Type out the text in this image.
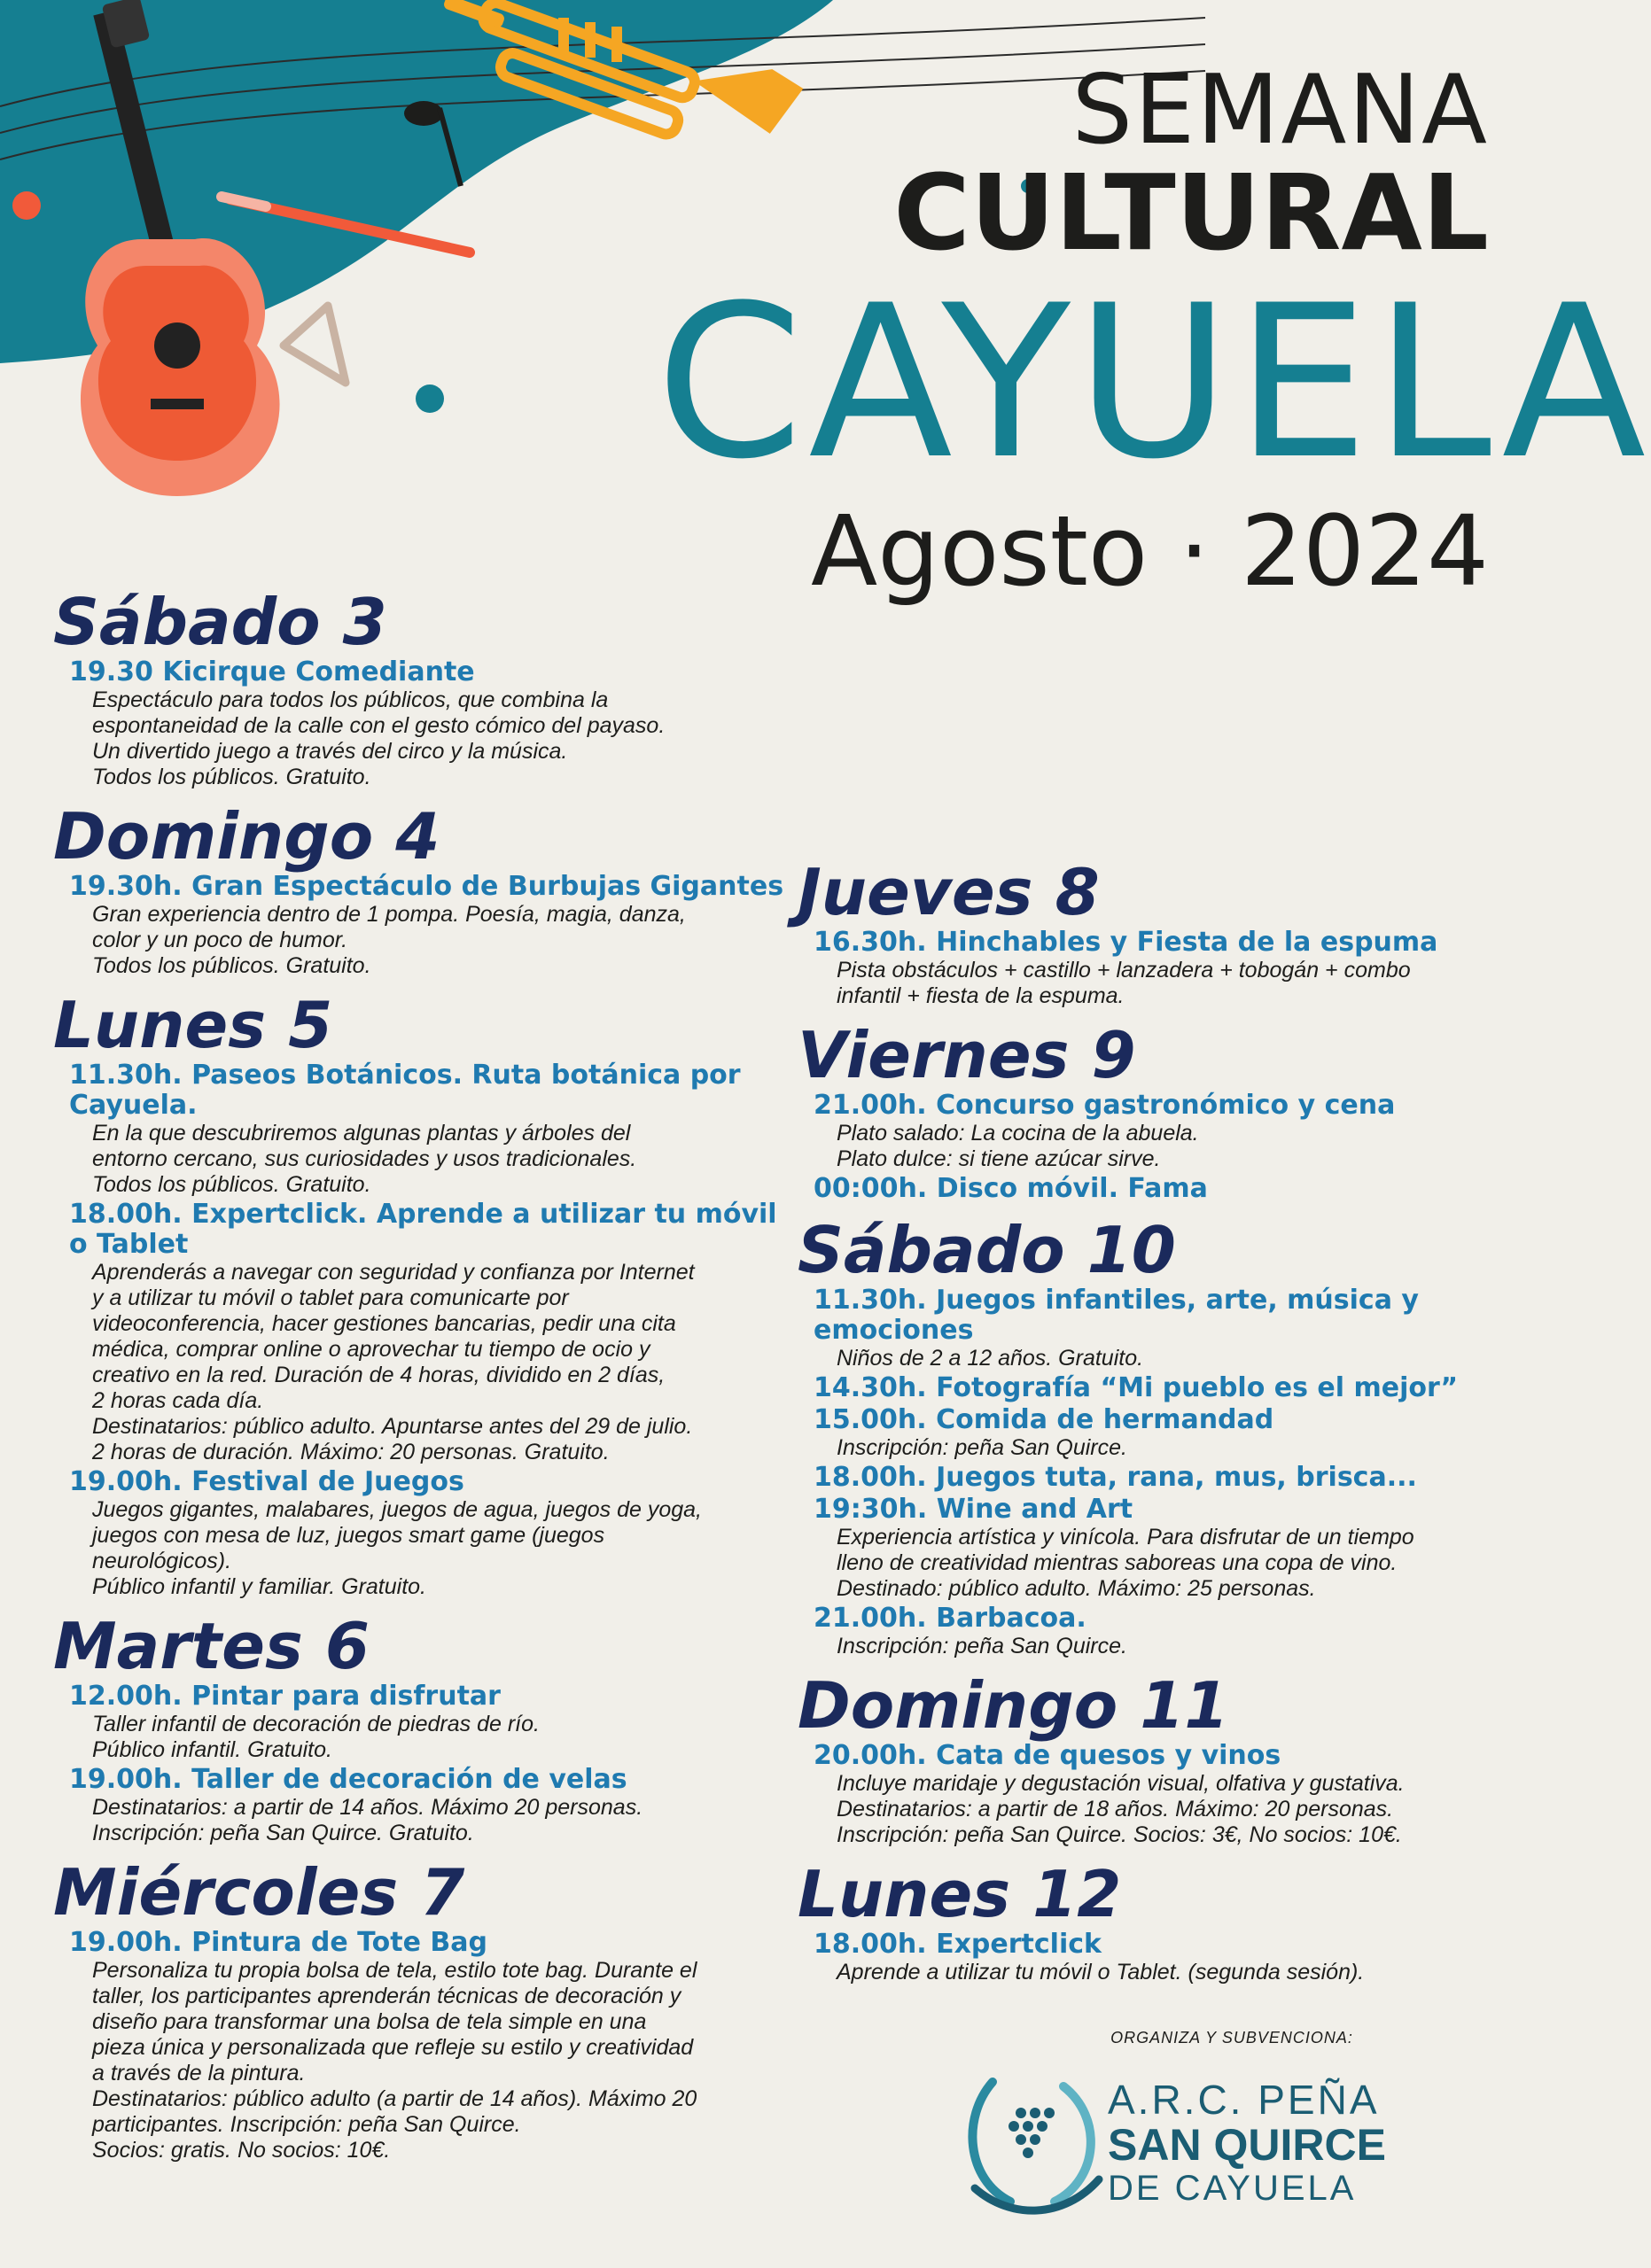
SEMANA
CULTURAL
CAYUELA
Agosto · 2024
Sábado 3
19.30 Kicirque Comediante
Espectáculo para todos los públicos, que combina la
espontaneidad de la calle con el gesto cómico del payaso.
Un divertido juego a través del circo y la música.
Todos los públicos. Gratuito.
Domingo 4
19.30h. Gran Espectáculo de Burbujas Gigantes
Gran experiencia dentro de 1 pompa. Poesía, magia, danza,
color y un poco de humor.
Todos los públicos. Gratuito.
Lunes 5
11.30h. Paseos Botánicos. Ruta botánica por Cayuela.
En la que descubriremos algunas plantas y árboles del
entorno cercano, sus curiosidades y usos tradicionales.
Todos los públicos. Gratuito.
18.00h. Expertclick. Aprende a utilizar tu móvil o Tablet
Aprenderás a navegar con seguridad y confianza por Internet
y a utilizar tu móvil o tablet para comunicarte por
videoconferencia, hacer gestiones bancarias, pedir una cita
médica, comprar online o aprovechar tu tiempo de ocio y
creativo en la red. Duración de 4 horas, dividido en 2 días,
2 horas cada día.
Destinatarios: público adulto. Apuntarse antes del 29 de julio.
2 horas de duración. Máximo: 20 personas. Gratuito.
19.00h. Festival de Juegos
Juegos gigantes, malabares, juegos de agua, juegos de yoga,
juegos con mesa de luz, juegos smart game (juegos
neurológicos).
Público infantil y familiar. Gratuito.
Martes 6
12.00h. Pintar para disfrutar
Taller infantil de decoración de piedras de río.
Público infantil. Gratuito.
19.00h. Taller de decoración de velas
Destinatarios: a partir de 14 años. Máximo 20 personas.
Inscripción: peña San Quirce. Gratuito.
Miércoles 7
19.00h. Pintura de Tote Bag
Personaliza tu propia bolsa de tela, estilo tote bag. Durante el
taller, los participantes aprenderán técnicas de decoración y
diseño para transformar una bolsa de tela simple en una
pieza única y personalizada que refleje su estilo y creatividad
a través de la pintura.
Destinatarios: público adulto (a partir de 14 años). Máximo 20
participantes. Inscripción: peña San Quirce.
Socios: gratis. No socios: 10€.
Jueves 8
16.30h. Hinchables y Fiesta de la espuma
Pista obstáculos + castillo + lanzadera + tobogán + combo
infantil + fiesta de la espuma.
Viernes 9
21.00h. Concurso gastronómico y cena
Plato salado: La cocina de la abuela.
Plato dulce: si tiene azúcar sirve.
00:00h. Disco móvil. Fama
Sábado 10
11.30h. Juegos infantiles, arte, música y emociones
Niños de 2 a 12 años. Gratuito.
14.30h. Fotografía “Mi pueblo es el mejor”
15.00h. Comida de hermandad
Inscripción: peña San Quirce.
18.00h. Juegos tuta, rana, mus, brisca...
19:30h. Wine and Art
Experiencia artística y vinícola. Para disfrutar de un tiempo
lleno de creatividad mientras saboreas una copa de vino.
Destinado: público adulto. Máximo: 25 personas.
21.00h. Barbacoa.
Inscripción: peña San Quirce.
Domingo 11
20.00h. Cata de quesos y vinos
Incluye maridaje y degustación visual, olfativa y gustativa.
Destinatarios: a partir de 18 años. Máximo: 20 personas.
Inscripción: peña San Quirce. Socios: 3€, No socios: 10€.
Lunes 12
18.00h. Expertclick
Aprende a utilizar tu móvil o Tablet. (segunda sesión).
ORGANIZA Y SUBVENCIONA:
A.R.C. PEÑA
SAN QUIRCE
DE CAYUELA
